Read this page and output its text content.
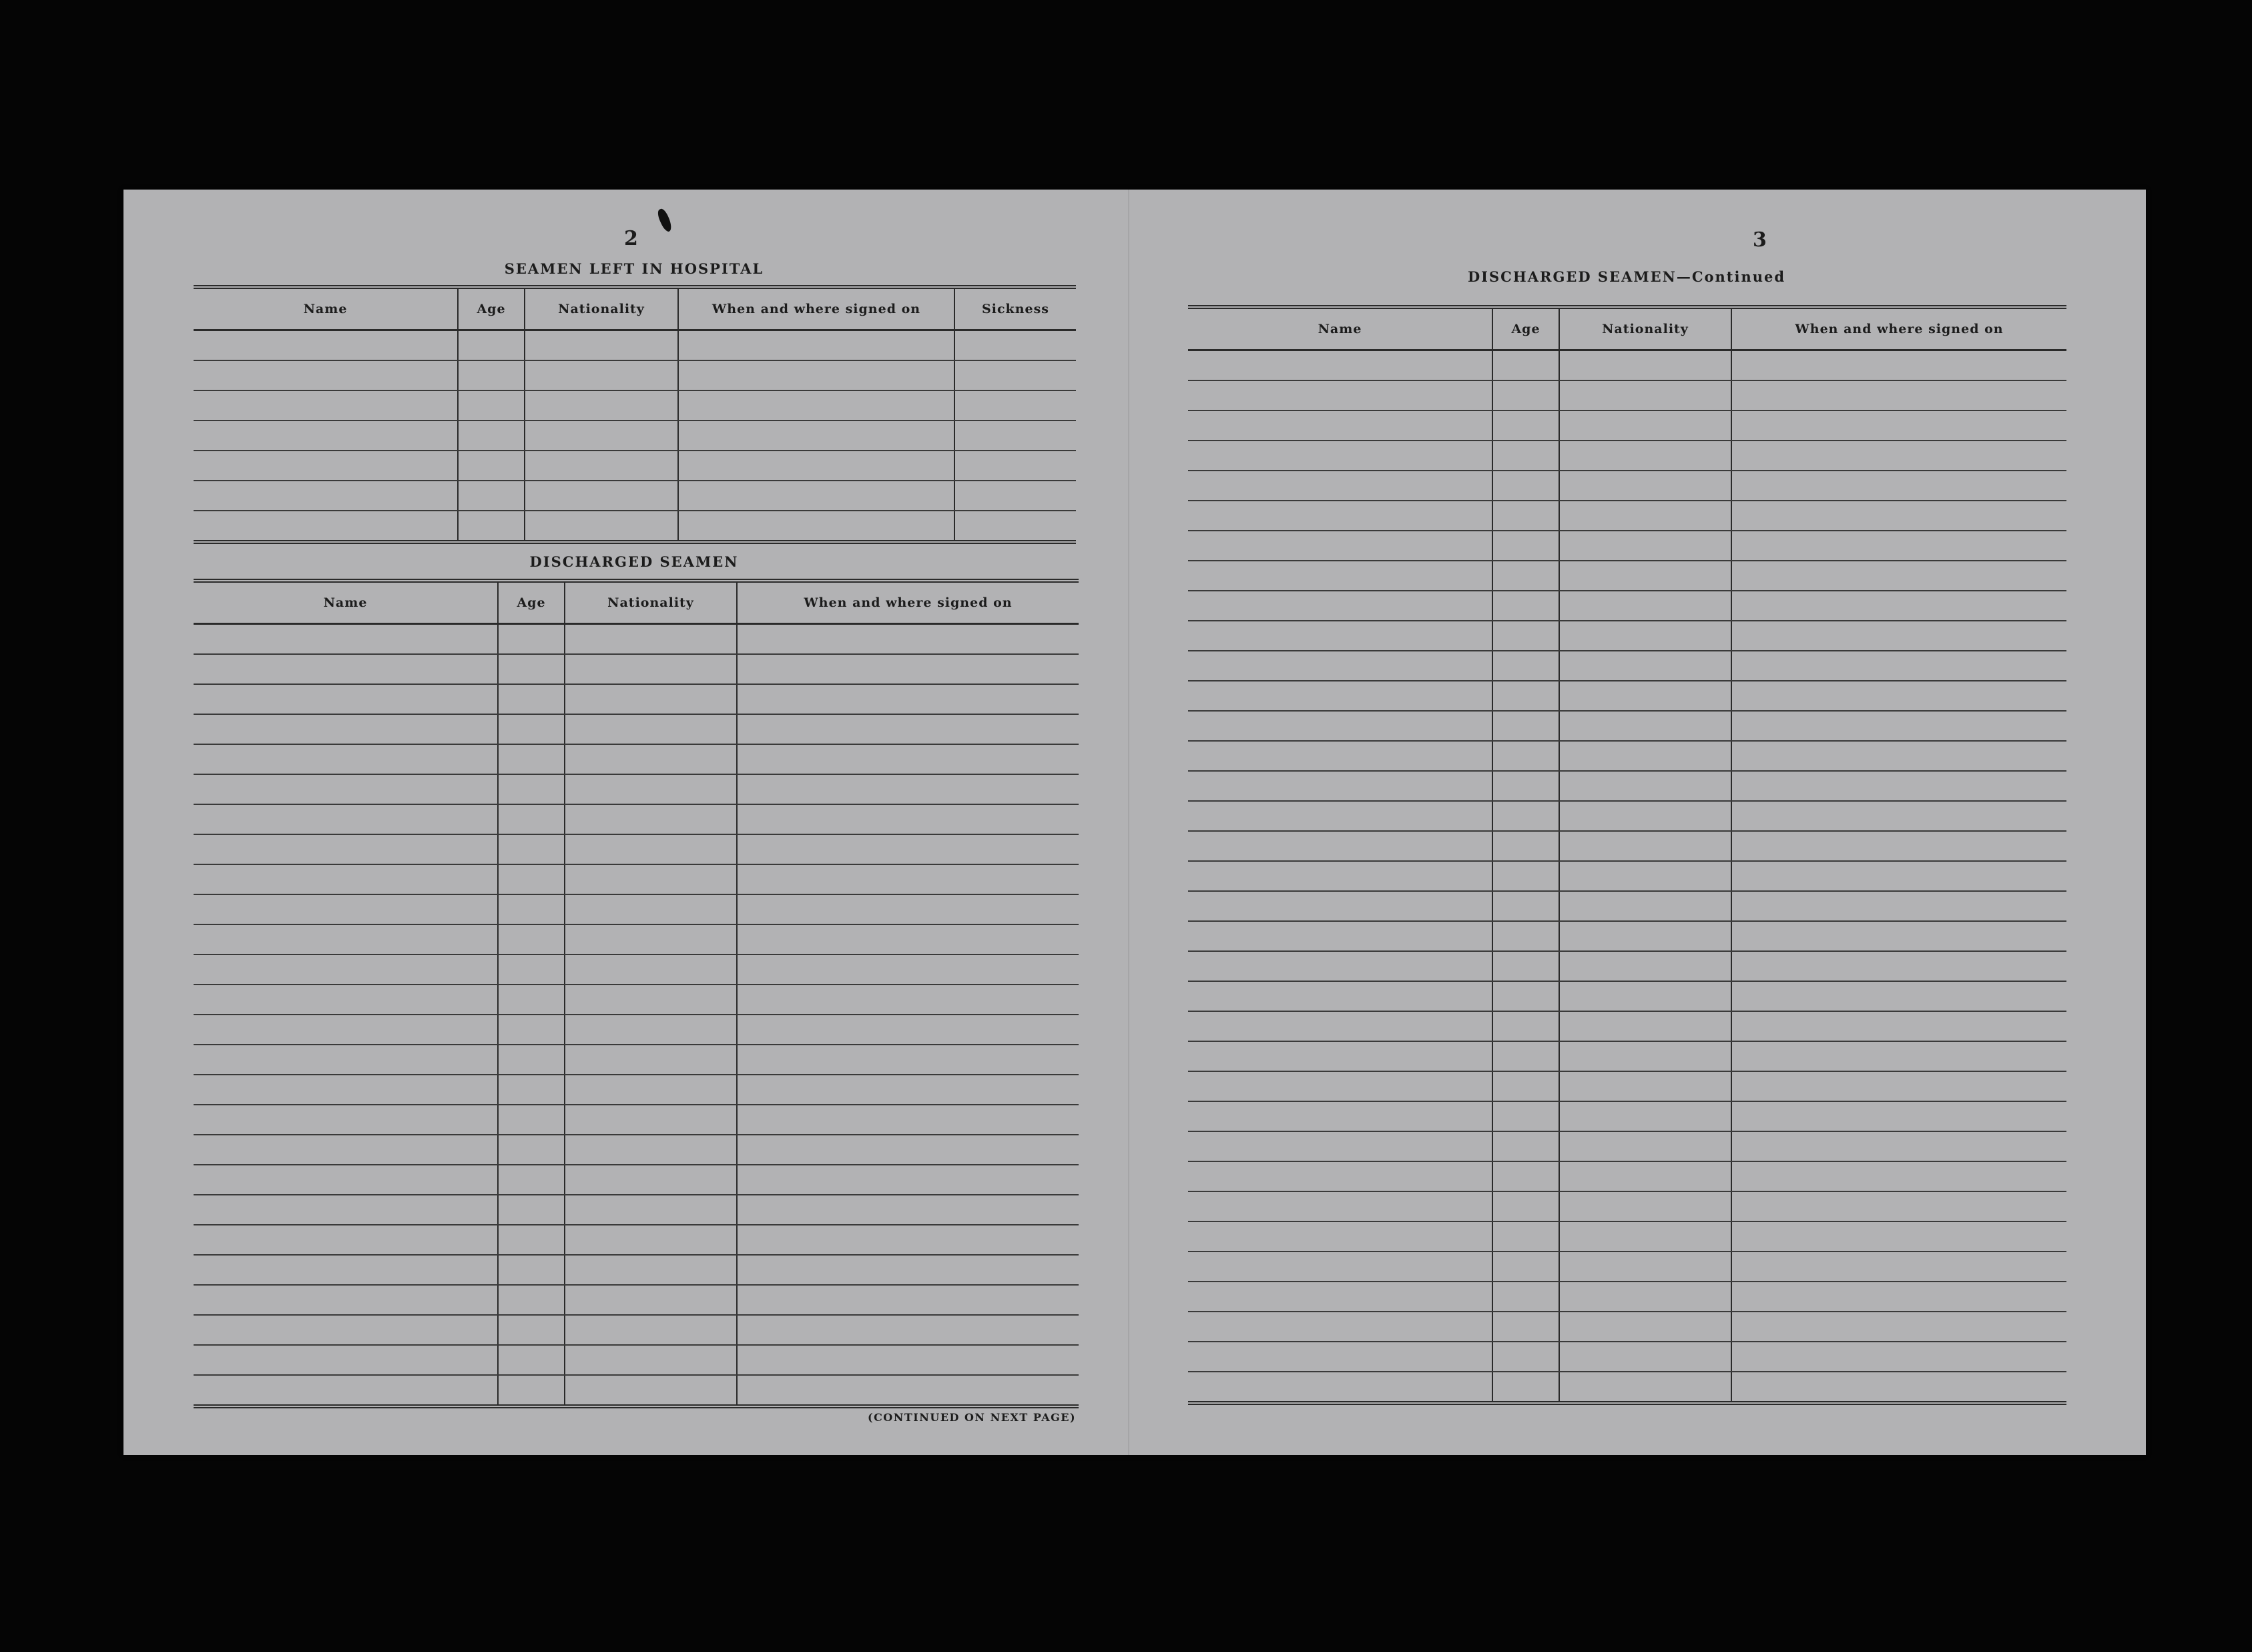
2
SEAMEN LEFT IN HOSPITAL
Name	Age	Nationality	When and where signed on	Sickness

DISCHARGED SEAMEN
Name	Age	Nationality	When and where signed on

(CONTINUED ON NEXT PAGE)
3
DISCHARGED SEAMEN—Continued
Name	Age	Nationality	When and where signed on
